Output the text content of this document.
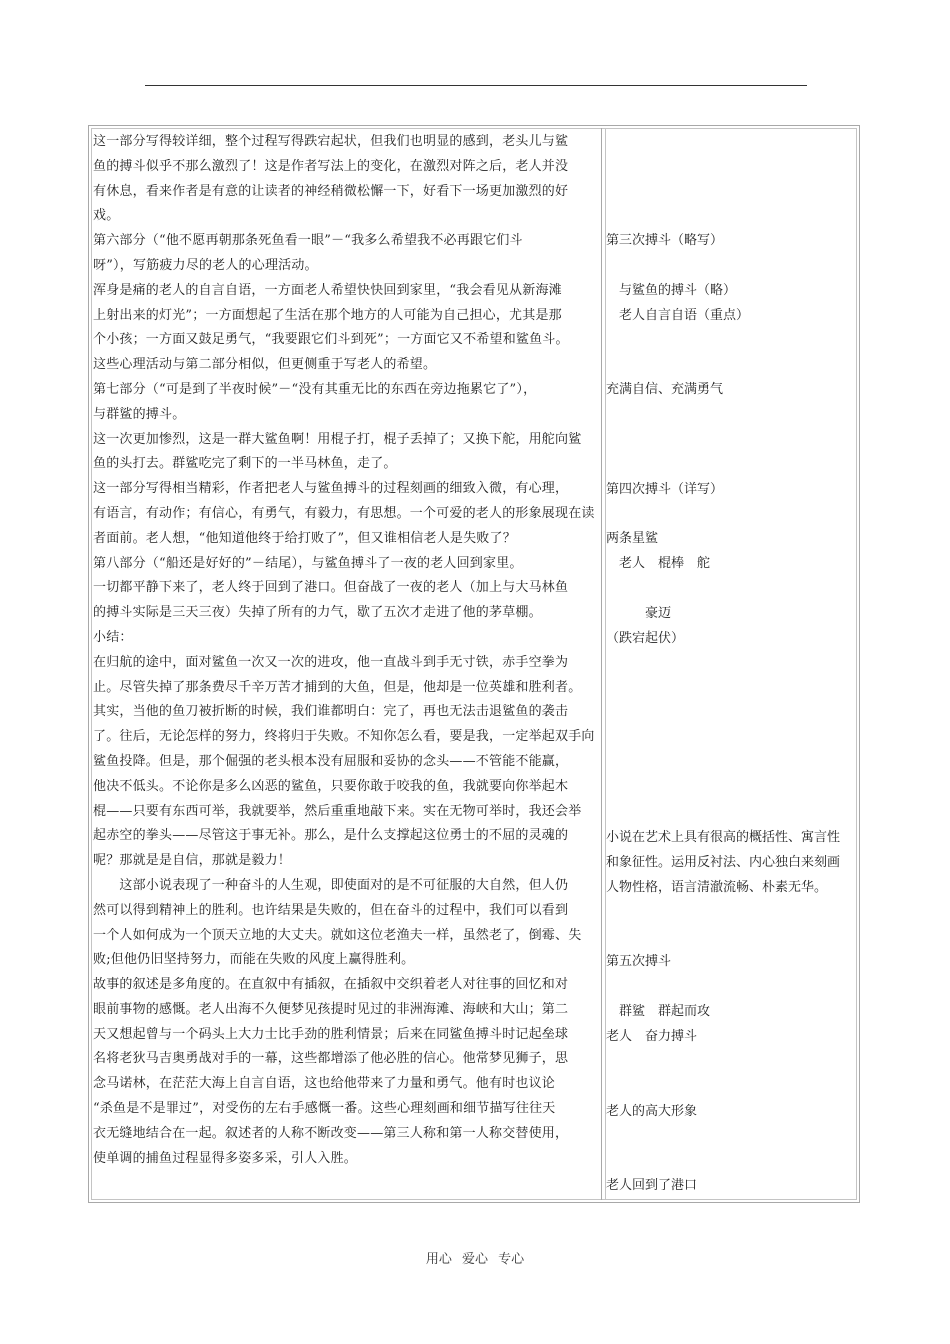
这一部分写得较详细，整个过程写得跌宕起状，但我们也明显的感到，老头儿与鲨
鱼的搏斗似乎不那么激烈了！这是作者写法上的变化，在激烈对阵之后，老人并没
有休息，看来作者是有意的让读者的神经稍微松懈一下，好看下一场更加激烈的好
戏。
第六部分（“他不愿再朝那条死鱼看一眼”－“我多么希望我不必再跟它们斗
呀”），写筋疲力尽的老人的心理活动。
浑身是痛的老人的自言自语，一方面老人希望快快回到家里，“我会看见从新海滩
上射出来的灯光”；一方面想起了生活在那个地方的人可能为自己担心，尤其是那
个小孩；一方面又鼓足勇气，“我要跟它们斗到死”；一方面它又不希望和鲨鱼斗。
这些心理活动与第二部分相似，但更侧重于写老人的希望。
第七部分（“可是到了半夜时候”－“没有其重无比的东西在旁边拖累它了”），
与群鲨的搏斗。
这一次更加惨烈，这是一群大鲨鱼啊！用棍子打，棍子丢掉了；又换下舵，用舵向鲨
鱼的头打去。群鲨吃完了剩下的一半马林鱼，走了。
这一部分写得相当精彩，作者把老人与鲨鱼搏斗的过程刻画的细致入微，有心理，
有语言，有动作；有信心，有勇气，有毅力，有思想。一个可爱的老人的形象展现在读
者面前。老人想，“他知道他终于给打败了”，但又谁相信老人是失败了？
第八部分（“船还是好好的”－结尾），与鲨鱼搏斗了一夜的老人回到家里。
一切都平静下来了，老人终于回到了港口。但奋战了一夜的老人（加上与大马林鱼
的搏斗实际是三天三夜）失掉了所有的力气，歇了五次才走进了他的茅草棚。
小结：
在归航的途中，面对鲨鱼一次又一次的进攻，他一直战斗到手无寸铁，赤手空拳为
止。尽管失掉了那条费尽千辛万苦才捕到的大鱼，但是，他却是一位英雄和胜利者。
其实，当他的鱼刀被折断的时候，我们谁都明白：完了，再也无法击退鲨鱼的袭击
了。往后，无论怎样的努力，终将归于失败。不知你怎么看，要是我，一定举起双手向
鲨鱼投降。但是，那个倔强的老头根本没有屈服和妥协的念头——不管能不能赢，
他决不低头。不论你是多么凶恶的鲨鱼，只要你敢于咬我的鱼，我就要向你举起木
棍——只要有东西可举，我就要举，然后重重地敲下来。实在无物可举时，我还会举
起赤空的拳头——尽管这于事无补。那么，是什么支撑起这位勇士的不屈的灵魂的
呢？那就是是自信，那就是毅力！
　　这部小说表现了一种奋斗的人生观，即使面对的是不可征服的大自然，但人仍
然可以得到精神上的胜利。也许结果是失败的，但在奋斗的过程中，我们可以看到
一个人如何成为一个顶天立地的大丈夫。就如这位老渔夫一样，虽然老了，倒霉、失
败;但他仍旧坚持努力，而能在失败的风度上赢得胜利。
故事的叙述是多角度的。在直叙中有插叙，在插叙中交织着老人对往事的回忆和对
眼前事物的感慨。老人出海不久便梦见孩提时见过的非洲海滩、海峡和大山；第二
天又想起曾与一个码头上大力士比手劲的胜利情景；后来在同鲨鱼搏斗时记起垒球
名将老狄马吉奥勇战对手的一幕，这些都增添了他必胜的信心。他常梦见狮子，思
念马诺林，在茫茫大海上自言自语，这也给他带来了力量和勇气。他有时也议论
“杀鱼是不是罪过”，对受伤的左右手感慨一番。这些心理刻画和细节描写往往天
衣无缝地结合在一起。叙述者的人称不断改变——第三人称和第一人称交替使用，
使单调的捕鱼过程显得多姿多采，引人入胜。
第三次搏斗（略写）
　与鲨鱼的搏斗（略）
　老人自言自语（重点）
充满自信、充满勇气
第四次搏斗（详写）
两条星鲨
　老人　棍棒　舵
　　　豪迈
（跌宕起伏）
小说在艺术上具有很高的概括性、寓言性
和象征性。运用反衬法、内心独白来刻画
人物性格，语言清澈流畅、朴素无华。
第五次搏斗
　群鲨　群起而攻
老人　奋力搏斗
老人的高大形象
老人回到了港口
用心 爱心 专心
